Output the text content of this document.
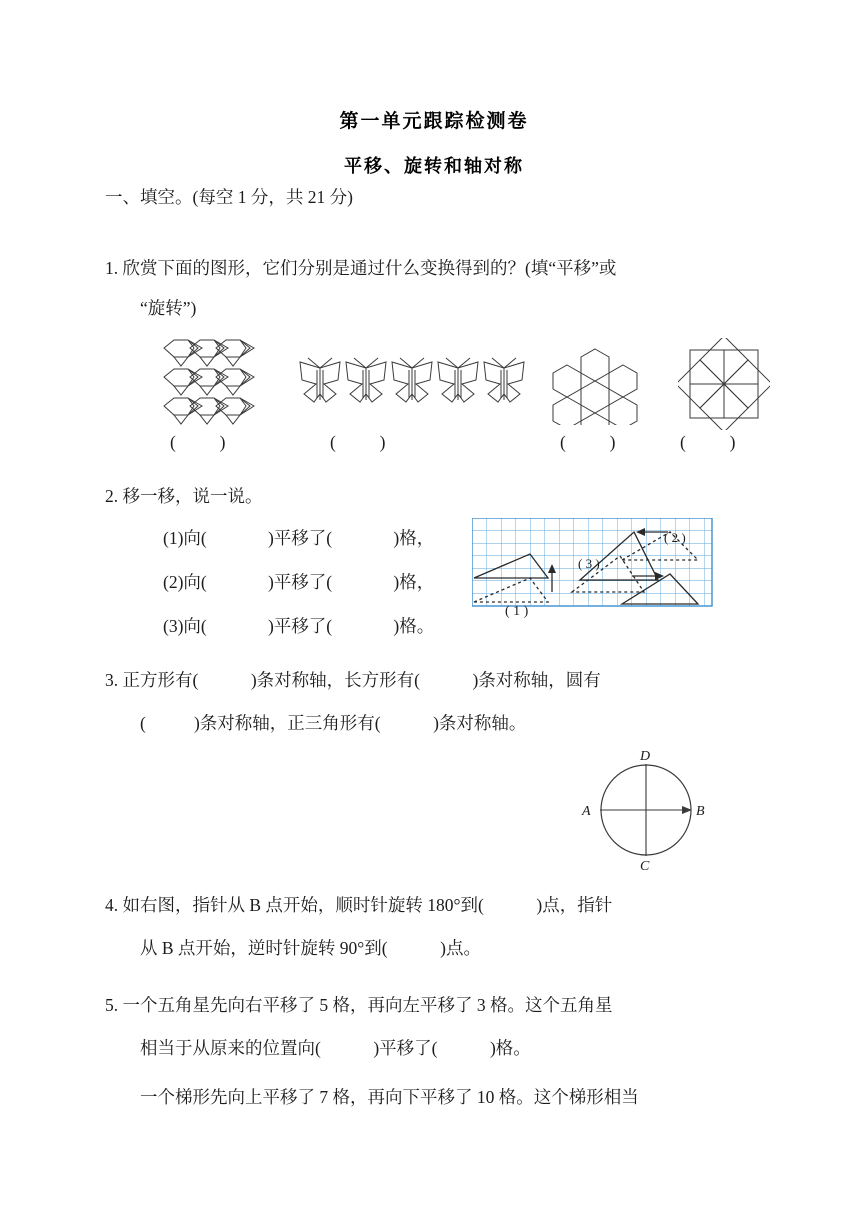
第一单元跟踪检测卷
平移、旋转和轴对称
一、填空。(每空 1 分，共 21 分)
1. 欣赏下面的图形，它们分别是通过什么变换得到的？(填“平移”或
“旋转”)
(          )	(          )	(          )	(          )
2. 移一移，说一说。
(1)向(              )平移了(              )格，
(2)向(              )平移了(              )格，
(3)向(              )平移了(              )格。
( 2 )
( 3 )
( 1 )
3. 正方形有(            )条对称轴，长方形有(            )条对称轴，圆有
(           )条对称轴，正三角形有(            )条对称轴。
D
C
A	B
4. 如右图，指针从 B 点开始，顺时针旋转 180°到(            )点，指针
从 B 点开始，逆时针旋转 90°到(            )点。
5. 一个五角星先向右平移了 5 格，再向左平移了 3 格。这个五角星
相当于从原来的位置向(            )平移了(            )格。
一个梯形先向上平移了 7 格，再向下平移了 10 格。这个梯形相当
